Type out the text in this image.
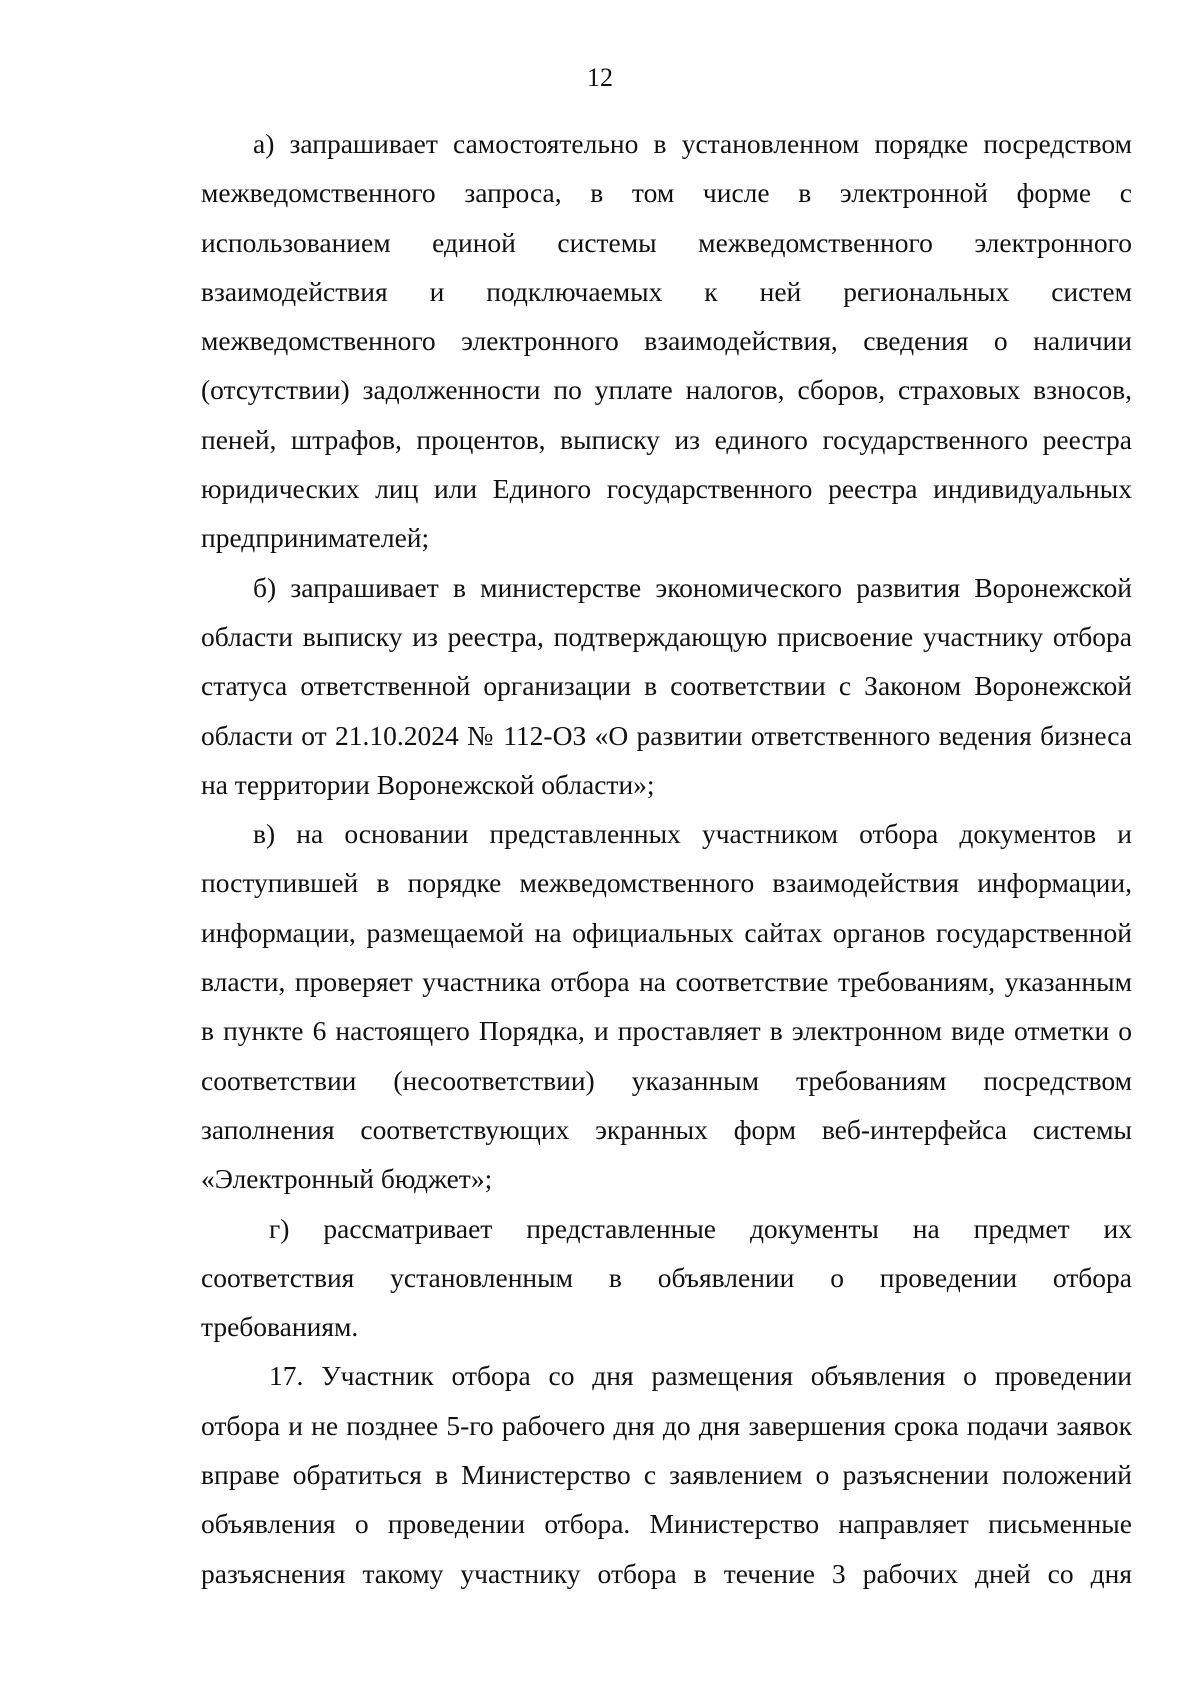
12
а) запрашивает самостоятельно в установленном порядке посредством
межведомственного запроса, в том числе в электронной форме с
использованием единой системы межведомственного электронного
взаимодействия и подключаемых к ней региональных систем
межведомственного электронного взаимодействия, сведения о наличии
(отсутствии) задолженности по уплате налогов, сборов, страховых взносов,
пеней, штрафов, процентов, выписку из единого государственного реестра
юридических лиц или Единого государственного реестра индивидуальных
предпринимателей;
б) запрашивает в министерстве экономического развития Воронежской
области выписку из реестра, подтверждающую присвоение участнику отбора
статуса ответственной организации в соответствии с Законом Воронежской
области от 21.10.2024 № 112-ОЗ «О развитии ответственного ведения бизнеса
на территории Воронежской области»;
в) на основании представленных участником отбора документов и
поступившей в порядке межведомственного взаимодействия информации,
информации, размещаемой на официальных сайтах органов государственной
власти, проверяет участника отбора на соответствие требованиям, указанным
в пункте 6 настоящего Порядка, и проставляет в электронном виде отметки о
соответствии (несоответствии) указанным требованиям посредством
заполнения соответствующих экранных форм веб-интерфейса системы
«Электронный бюджет»;
г) рассматривает представленные документы на предмет их
соответствия установленным в объявлении о проведении отбора
требованиям.
17. Участник отбора со дня размещения объявления о проведении
отбора и не позднее 5-го рабочего дня до дня завершения срока подачи заявок
вправе обратиться в Министерство с заявлением о разъяснении положений
объявления о проведении отбора. Министерство направляет письменные
разъяснения такому участнику отбора в течение 3 рабочих дней со дня
